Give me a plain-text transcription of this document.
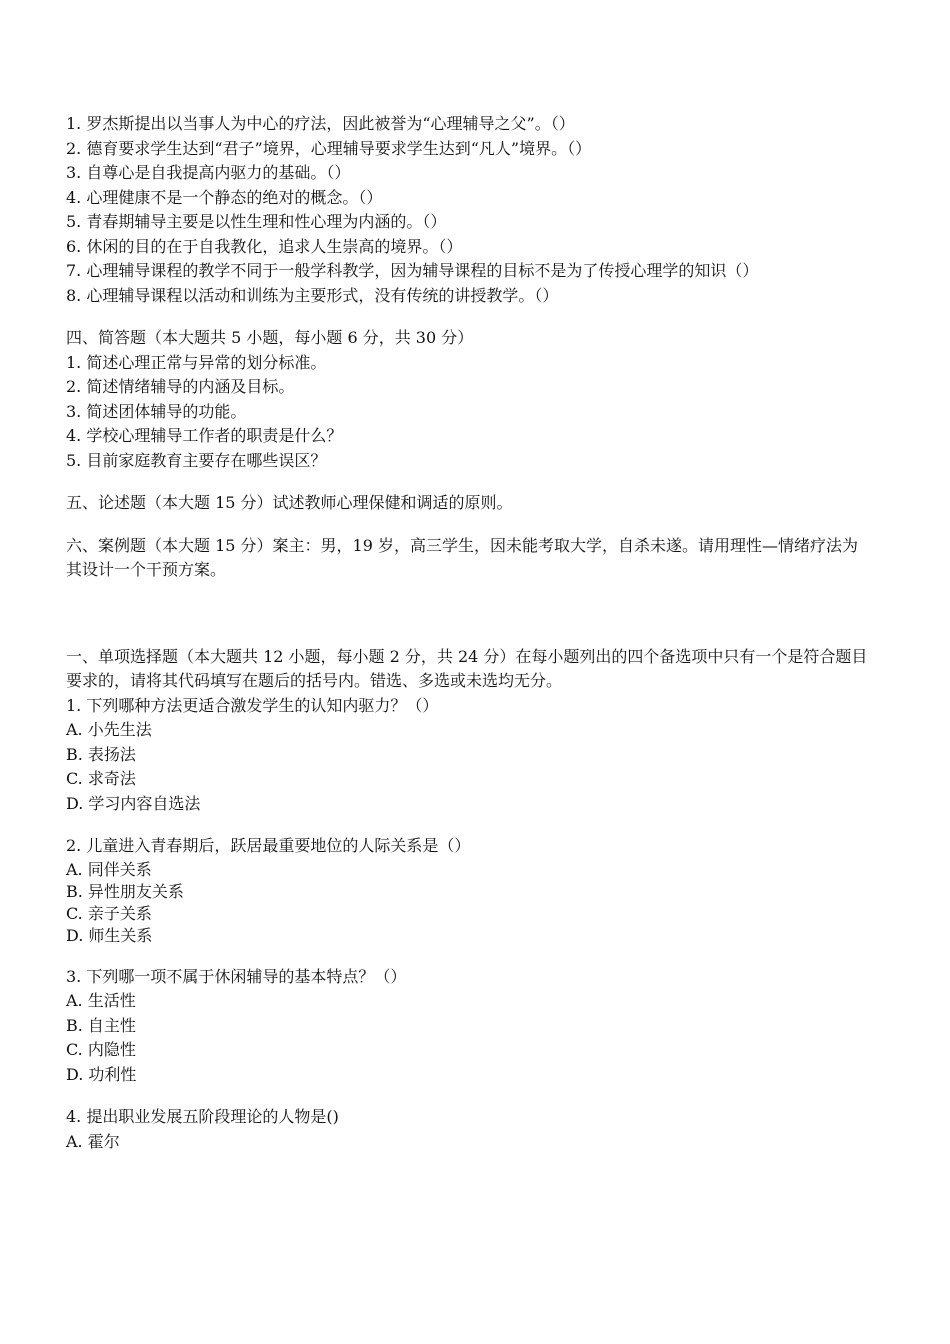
1. 罗杰斯提出以当事人为中心的疗法，因此被誉为“心理辅导之父”。（）
2. 德育要求学生达到“君子”境界，心理辅导要求学生达到“凡人”境界。（）
3. 自尊心是自我提高内驱力的基础。（）
4. 心理健康不是一个静态的绝对的概念。（）
5. 青春期辅导主要是以性生理和性心理为内涵的。（）
6. 休闲的目的在于自我教化，追求人生崇高的境界。（）
7. 心理辅导课程的教学不同于一般学科教学，因为辅导课程的目标不是为了传授心理学的知识（）
8. 心理辅导课程以活动和训练为主要形式，没有传统的讲授教学。（）
四、简答题（本大题共 5 小题，每小题 6 分，共 30 分）
1. 简述心理正常与异常的划分标准。
2. 简述情绪辅导的内涵及目标。
3. 简述团体辅导的功能。
4. 学校心理辅导工作者的职责是什么？
5. 目前家庭教育主要存在哪些误区？
五、论述题（本大题 15 分）试述教师心理保健和调适的原则。
六、案例题（本大题 15 分）案主：男，19 岁，高三学生，因未能考取大学，自杀未遂。请用理性—情绪疗法为其设计一个干预方案。
一、单项选择题（本大题共 12 小题，每小题 2 分，共 24 分）在每小题列出的四个备选项中只有一个是符合题目要求的，请将其代码填写在题后的括号内。错选、多选或未选均无分。
1. 下列哪种方法更适合激发学生的认知内驱力？（）
A. 小先生法
B. 表扬法
C. 求奇法
D. 学习内容自选法
2. 儿童进入青春期后，跃居最重要地位的人际关系是（）
A. 同伴关系
B. 异性朋友关系
C. 亲子关系
D. 师生关系
3. 下列哪一项不属于休闲辅导的基本特点？（）
A. 生活性
B. 自主性
C. 内隐性
D. 功利性
4. 提出职业发展五阶段理论的人物是()
A. 霍尔
